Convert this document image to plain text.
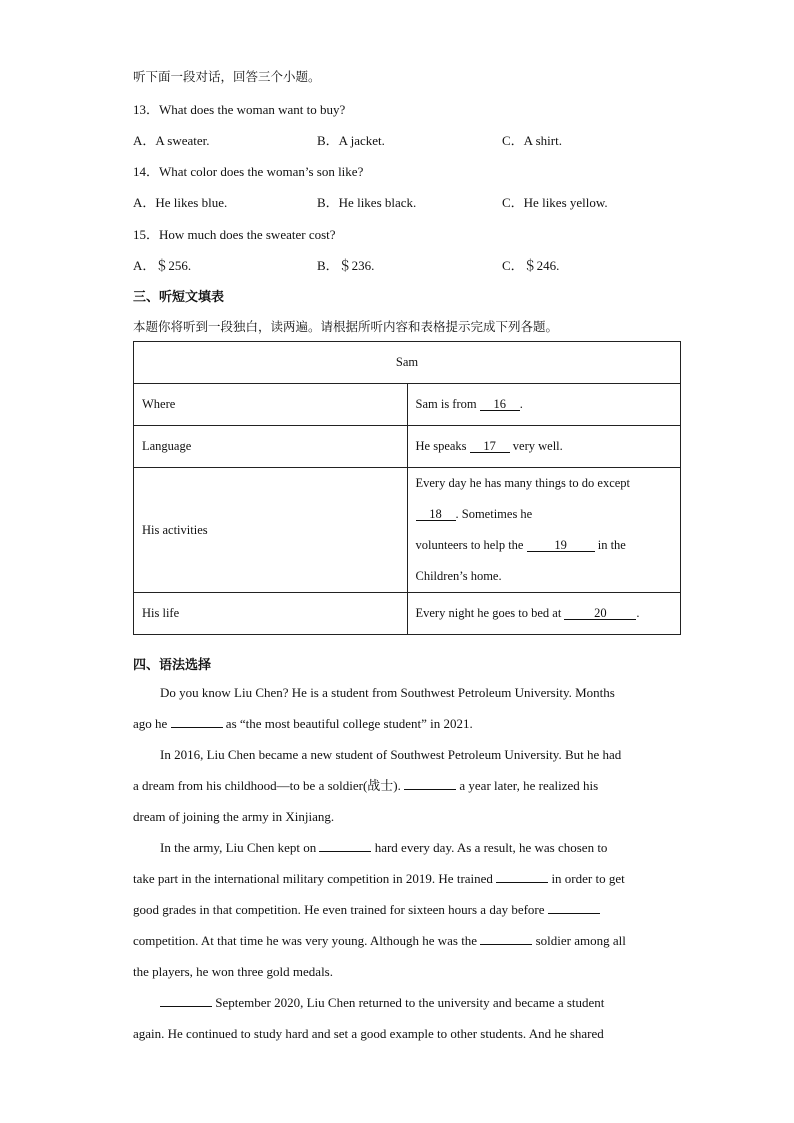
听下面一段对话，回答三个小题。
13．What does the woman want to buy?
A．A sweater.	B．A jacket.	C．A shirt.
14．What color does the woman’s son like?
A．He likes blue.	B．He likes black.	C．He likes yellow.
15．How much does the sweater cost?
A．＄256.	B．＄236.	C．＄246.
三、听短文填表
本题你将听到一段独白，读两遍。请根据所听内容和表格提示完成下列各题。
Sam	
Where	Sam is from 16 .
Language	He speaks 17 very well.
His activities	Every day he has many things to do except 18 . Sometimes he
volunteers to help the 19 in the Children’s home.
His life	Every night he goes to bed at 20 .
四、语法选择
Do you know Liu Chen? He is a student from Southwest Petroleum University. Months
ago he	as “the most beautiful college student” in 2021.
In 2016, Liu Chen became a new student of Southwest Petroleum University. But he had
a dream from his childhood—to be a soldier(战士).	a year later, he realized his
dream of joining the army in Xinjiang.
In the army, Liu Chen kept on	hard every day. As a result, he was chosen to
take part in the international military competition in 2019. He trained	in order to get
good grades in that competition. He even trained for sixteen hours a day before
competition. At that time he was very young. Although he was the	soldier among all
the players, he won three gold medals.
September 2020, Liu Chen returned to the university and became a student
again. He continued to study hard and set a good example to other students. And he shared
